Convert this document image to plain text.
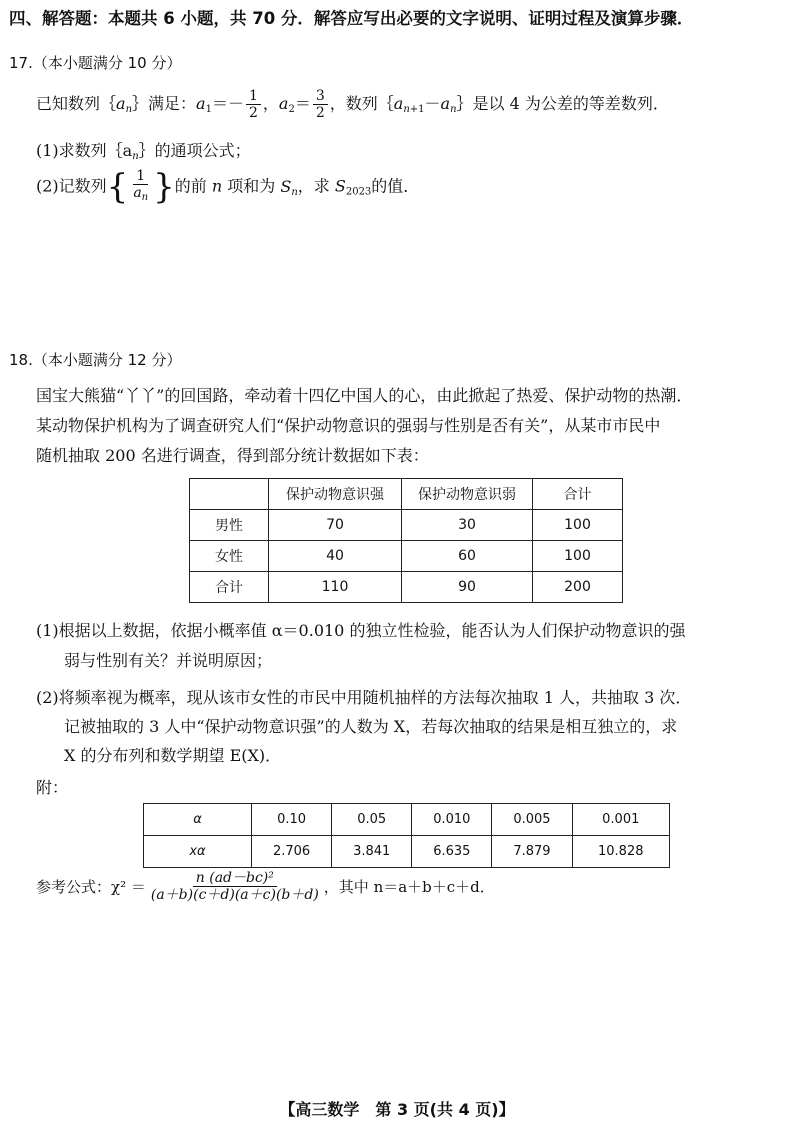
四、解答题：本题共 6 小题，共 70 分．解答应写出必要的文字说明、证明过程及演算步骤．
17.（本小题满分 10 分）
已知数列$\{a_n\}$满足：$a_1=- \frac{1}{2}$ ，$a_2= \frac{3}{2}$ ，数列$\{a_{n+1}-a_n\}$是以 4 为公差的等差数列．
(1)求数列$\{a_n\}$的通项公式；
(2)记数列{ $\frac{1}{a_n}$ }的前 n 项和为 $S_n$，求 $S_{2023}$的值．
18.（本小题满分 12 分）
国宝大熊猫“丫丫”的回国路，牵动着十四亿中国人的心，由此掀起了热爱、保护动物的热潮．
某动物保护机构为了调查研究人们“保护动物意识的强弱与性别是否有关”，从某市市民中
随机抽取 200 名进行调查，得到部分统计数据如下表：
	保护动物意识强	保护动物意识弱	合计
男性	70	30	100
女性	40	60	100
合计	110	90	200
(1)根据以上数据，依据小概率值 α＝0.010 的独立性检验，能否认为人们保护动物意识的强
弱与性别有关？并说明原因；
(2)将频率视为概率，现从该市女性的市民中用随机抽样的方法每次抽取 1 人，共抽取 3 次．
记被抽取的 3 人中“保护动物意识强”的人数为 X，若每次抽取的结果是相互独立的，求
X 的分布列和数学期望 E(X)．
附：
α	0.10	0.05	0.010	0.005	0.001
xα	2.706	3.841	6.635	7.879	10.828
参考公式：$\chi^2 = \frac{\text{n (ad－bc)²}}{(a+b)(c+d)(a+c)(b+d)}$ ，其中 n＝a＋b＋c＋d．
【高三数学　第 3 页(共 4 页)】
